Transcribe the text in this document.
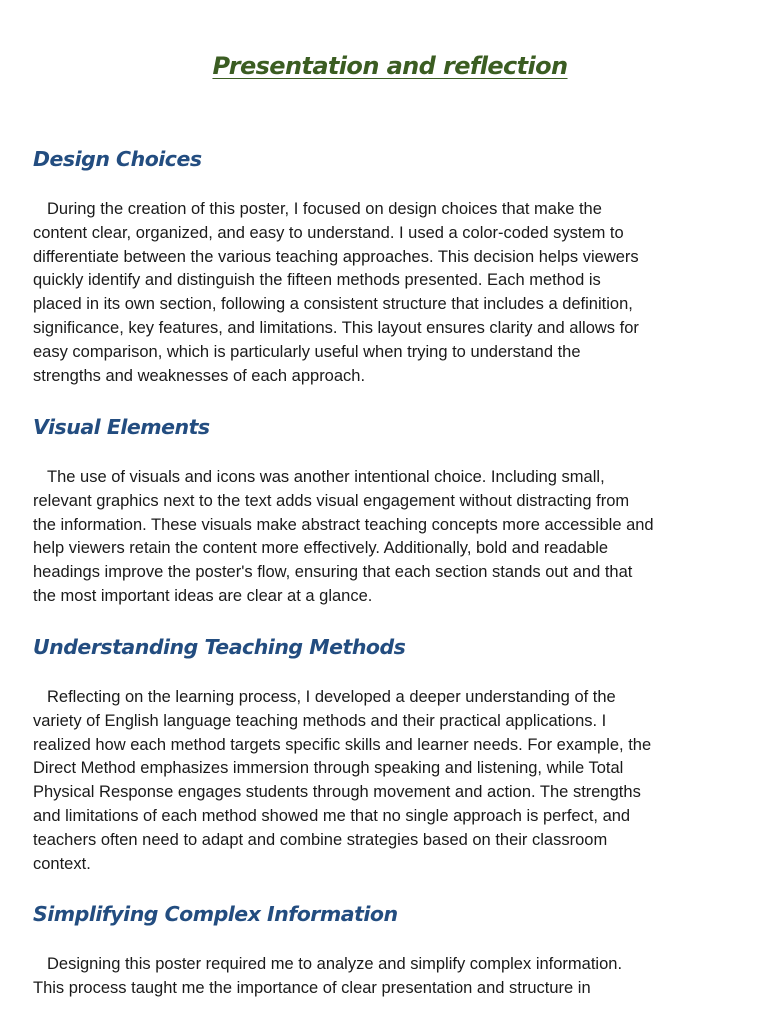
Presentation and reflection
Design Choices
During the creation of this poster, I focused on design choices that make the
content clear, organized, and easy to understand. I used a color-coded system to
differentiate between the various teaching approaches. This decision helps viewers
quickly identify and distinguish the fifteen methods presented. Each method is
placed in its own section, following a consistent structure that includes a definition,
significance, key features, and limitations. This layout ensures clarity and allows for
easy comparison, which is particularly useful when trying to understand the
strengths and weaknesses of each approach.
Visual Elements
The use of visuals and icons was another intentional choice. Including small,
relevant graphics next to the text adds visual engagement without distracting from
the information. These visuals make abstract teaching concepts more accessible and
help viewers retain the content more effectively. Additionally, bold and readable
headings improve the poster's flow, ensuring that each section stands out and that
the most important ideas are clear at a glance.
Understanding Teaching Methods
Reflecting on the learning process, I developed a deeper understanding of the
variety of English language teaching methods and their practical applications. I
realized how each method targets specific skills and learner needs. For example, the
Direct Method emphasizes immersion through speaking and listening, while Total
Physical Response engages students through movement and action. The strengths
and limitations of each method showed me that no single approach is perfect, and
teachers often need to adapt and combine strategies based on their classroom
context.
Simplifying Complex Information
Designing this poster required me to analyze and simplify complex information.
This process taught me the importance of clear presentation and structure in
